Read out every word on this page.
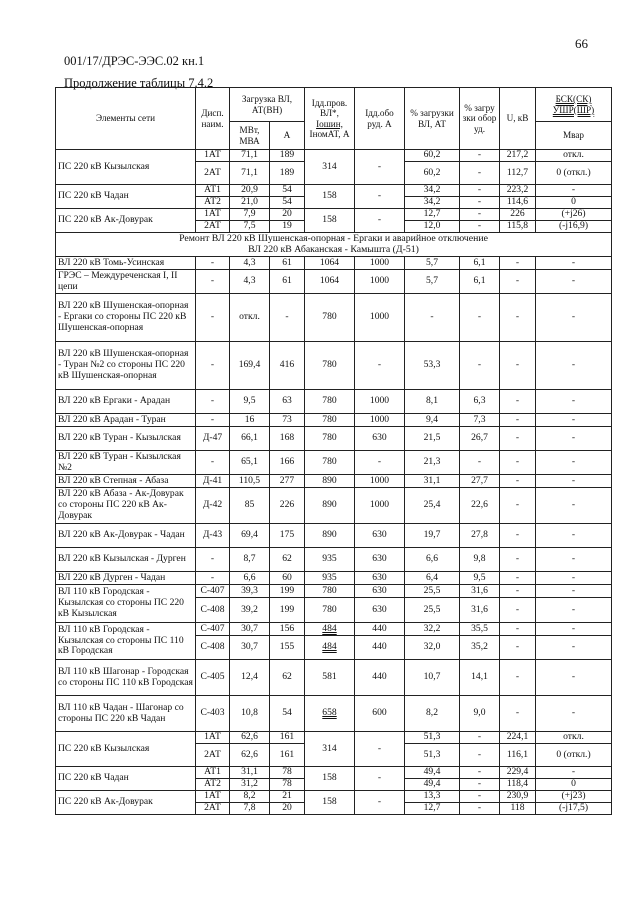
66
001/17/ДРЭС-ЭЭС.02 кн.1
Продолжение таблицы 7.4.2
Элементы сети	Дисп. наим.	Загрузка ВЛ, АТ(ВН)		Iдд.пров. ВЛ*,
Iошин,
IномАТ, А	Iдд.обо руд. А	% загрузки ВЛ, АТ	% загру зки обор уд.	U, кВ	БСК(СК) УШР(ШР)
		МВт, МВА	А						Мвар
ПС 220 кВ Кызылская	1АТ	71,1	189	314	-	60,2	-	217,2	откл.
	2АТ	71,1	189			60,2	-	112,7	0 (откл.)
ПС 220 кВ Чадан	АТ1	20,9	54	158	-	34,2	-	223,2	-
	АТ2	21,0	54			34,2	-	114,6	0
ПС 220 кВ Ак-Довурак	1АТ	7,9	20	158	-	12,7	-	226	(+j26)
	2АТ	7,5	19			12,0	-	115,8	(-j16,9)
Ремонт ВЛ 220 кВ Шушенская-опорная - Ергаки и аварийное отключение
ВЛ 220 кВ Абаканская - Камышта (Д-51)									
ВЛ 220 кВ Томь-Усинская	-	4,3	61	1064	1000	5,7	6,1	-	-
ГРЭС – Междуреченская I, II цепи	-	4,3	61	1064	1000	5,7	6,1	-	-
ВЛ 220 кВ Шушенская-опорная - Ергаки со стороны ПС 220 кВ Шушенская-опорная	-	откл.	-	780	1000	-	-	-	-
ВЛ 220 кВ Шушенская-опорная - Туран №2 со стороны ПС 220 кВ Шушенская-опорная	-	169,4	416	780	-	53,3	-	-	-
ВЛ 220 кВ Ергаки - Арадан	-	9,5	63	780	1000	8,1	6,3	-	-
ВЛ 220 кВ Арадан - Туран	-	16	73	780	1000	9,4	7,3	-	-
ВЛ 220 кВ Туран - Кызылская	Д-47	66,1	168	780	630	21,5	26,7	-	-
ВЛ 220 кВ Туран - Кызылская №2	-	65,1	166	780	-	21,3	-	-	-
ВЛ 220 кВ Степная - Абаза	Д-41	110,5	277	890	1000	31,1	27,7	-	-
ВЛ 220 кВ Абаза - Ак-Довурак со стороны ПС 220 кВ Ак-Довурак	Д-42	85	226	890	1000	25,4	22,6	-	-
ВЛ 220 кВ Ак-Довурак - Чадан	Д-43	69,4	175	890	630	19,7	27,8	-	-
ВЛ 220 кВ Кызылская - Дурген	-	8,7	62	935	630	6,6	9,8	-	-
ВЛ 220 кВ Дурген - Чадан	-	6,6	60	935	630	6,4	9,5	-	-
ВЛ 110 кВ Городская - Кызылская со стороны ПС 220 кВ Кызылская	С-407	39,3	199	780	630	25,5	31,6	-	-
	С-408	39,2	199	780	630	25,5	31,6	-	-
ВЛ 110 кВ Городская - Кызылская со стороны ПС 110 кВ Городская	С-407	30,7	156	484	440	32,2	35,5	-	-
	С-408	30,7	155	484	440	32,0	35,2	-	-
ВЛ 110 кВ Шагонар - Городская со стороны ПС 110 кВ Городская	С-405	12,4	62	581	440	10,7	14,1	-	-
ВЛ 110 кВ Чадан - Шагонар со стороны ПС 220 кВ Чадан	С-403	10,8	54	658	600	8,2	9,0	-	-
ПС 220 кВ Кызылская	1АТ	62,6	161	314	-	51,3	-	224,1	откл.
	2АТ	62,6	161			51,3	-	116,1	0 (откл.)
ПС 220 кВ Чадан	АТ1	31,1	78	158	-	49,4	-	229,4	-
	АТ2	31,2	78			49,4	-	118,4	0
ПС 220 кВ Ак-Довурак	1АТ	8,2	21	158	-	13,3	-	230,9	(+j23)
	2АТ	7,8	20			12,7	-	118	(-j17,5)
